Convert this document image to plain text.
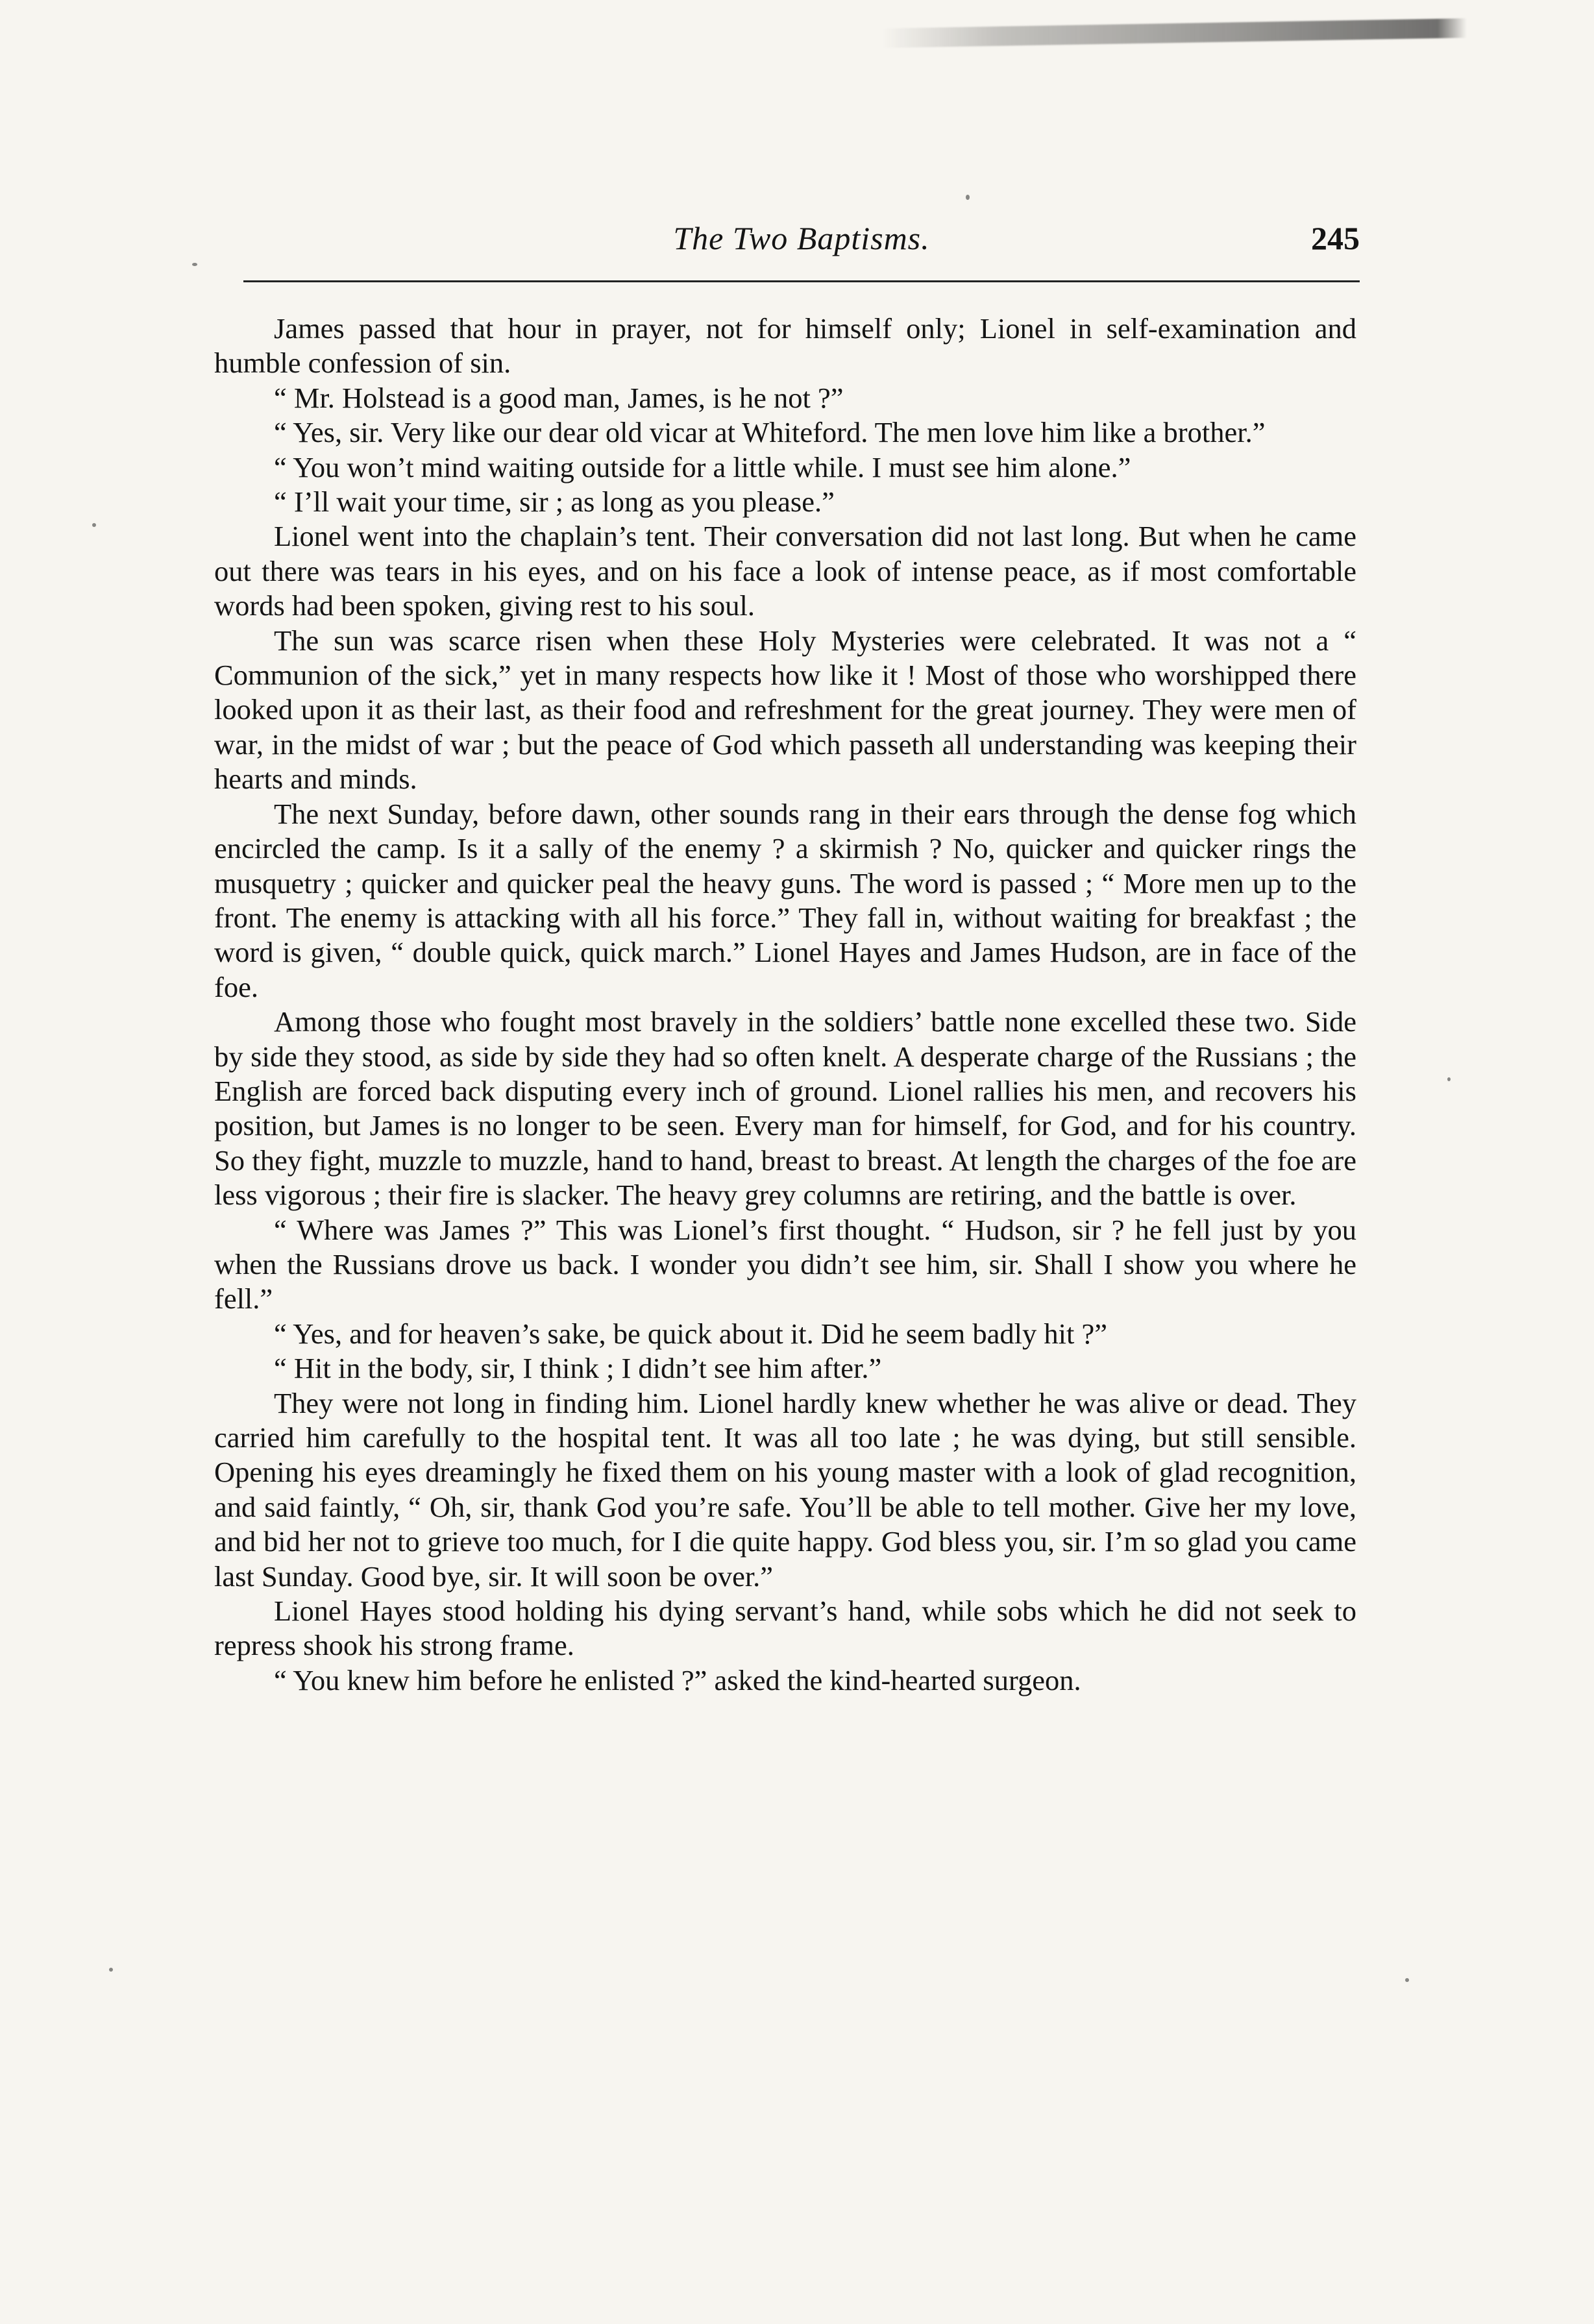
The Two Baptisms.	245

James passed that hour in prayer, not for himself only; Lionel in self-examination and humble confession of sin.

“ Mr. Holstead is a good man, James, is he not ?”

“ Yes, sir. Very like our dear old vicar at Whiteford. The men love him like a brother.”

“ You won’t mind waiting outside for a little while. I must see him alone.”

“ I’ll wait your time, sir ; as long as you please.”

Lionel went into the chaplain’s tent. Their conversation did not last long. But when he came out there was tears in his eyes, and on his face a look of intense peace, as if most comfortable words had been spoken, giving rest to his soul.

The sun was scarce risen when these Holy Mysteries were celebrated. It was not a “ Communion of the sick,” yet in many respects how like it ! Most of those who worshipped there looked upon it as their last, as their food and refreshment for the great journey. They were men of war, in the midst of war ; but the peace of God which passeth all understanding was keeping their hearts and minds.

The next Sunday, before dawn, other sounds rang in their ears through the dense fog which encircled the camp. Is it a sally of the enemy ? a skirmish ? No, quicker and quicker rings the musquetry ; quicker and quicker peal the heavy guns. The word is passed ; “ More men up to the front. The enemy is attacking with all his force.” They fall in, without waiting for breakfast ; the word is given, “ double quick, quick march.” Lionel Hayes and James Hudson, are in face of the foe.

Among those who fought most bravely in the soldiers’ battle none excelled these two. Side by side they stood, as side by side they had so often knelt. A desperate charge of the Russians ; the English are forced back disputing every inch of ground. Lionel rallies his men, and recovers his position, but James is no longer to be seen. Every man for himself, for God, and for his country. So they fight, muzzle to muzzle, hand to hand, breast to breast. At length the charges of the foe are less vigorous ; their fire is slacker. The heavy grey columns are retiring, and the battle is over.

“ Where was James ?” This was Lionel’s first thought. “ Hudson, sir ? he fell just by you when the Russians drove us back. I wonder you didn’t see him, sir. Shall I show you where he fell.”

“ Yes, and for heaven’s sake, be quick about it. Did he seem badly hit ?”

“ Hit in the body, sir, I think ; I didn’t see him after.”

They were not long in finding him. Lionel hardly knew whether he was alive or dead. They carried him carefully to the hospital tent. It was all too late ; he was dying, but still sensible. Opening his eyes dreamingly he fixed them on his young master with a look of glad recognition, and said faintly, “ Oh, sir, thank God you’re safe. You’ll be able to tell mother. Give her my love, and bid her not to grieve too much, for I die quite happy. God bless you, sir. I’m so glad you came last Sunday. Good bye, sir. It will soon be over.”

Lionel Hayes stood holding his dying servant’s hand, while sobs which he did not seek to repress shook his strong frame.

“ You knew him before he enlisted ?” asked the kind-hearted surgeon.
